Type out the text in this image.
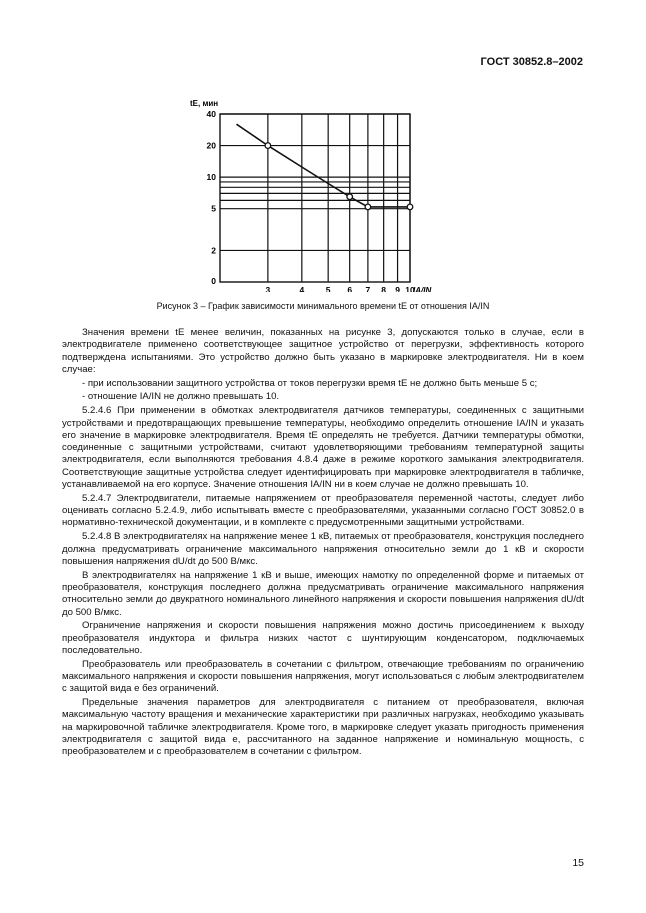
ГОСТ 30852.8–2002
3	4	5 6 7 8 9 10
40
20
10
5
2
0
tE, мин
IA/IN
Рисунок 3 – График зависимости минимального времени tE от отношения IA/IN

Значения времени tE менее величин, показанных на рисунке 3, допускаются только в случае, если в электродвигателе применено соответствующее защитное устройство от перегрузки, эффективность которого подтверждена испытаниями. Это устройство должно быть указано в маркировке электродвигателя. Ни в коем случае:

- при использовании защитного устройства от токов перегрузки время tE не должно быть меньше 5 с;

- отношение IA/IN не должно превышать 10.

5.2.4.6 При применении в обмотках электродвигателя датчиков температуры, соединенных с защитными устройствами и предотвращающих превышение температуры, необходимо определить отношение IA/IN и указать его значение в маркировке электродвигателя. Время tE определять не требуется. Датчики температуры обмотки, соединенные с защитными устройствами, считают удовлетворяющими требованиям температурной защиты электродвигателя, если выполняются требования 4.8.4 даже в режиме короткого замыкания электродвигателя. Соответствующие защитные устройства следует идентифицировать при маркировке электродвигателя в табличке, устанавливаемой на его корпусе. Значение отношения IA/IN ни в коем случае не должно превышать 10.

5.2.4.7 Электродвигатели, питаемые напряжением от преобразователя переменной частоты, следует либо оценивать согласно 5.2.4.9, либо испытывать вместе с преобразователями, указанными согласно ГОСТ 30852.0 в нормативно-технической документации, и в комплекте с предусмотренными защитными устройствами.

5.2.4.8 В электродвигателях на напряжение менее 1 кВ, питаемых от преобразователя, конструкция последнего должна предусматривать ограничение максимального напряжения относительно земли до 1 кВ и скорости повышения напряжения dU/dt до 500 В/мкс.

В электродвигателях на напряжение 1 кВ и выше, имеющих намотку по определенной форме и питаемых от преобразователя, конструкция последнего должна предусматривать ограничение максимального напряжения относительно земли до двукратного номинального линейного напряжения и скорости повышения напряжения dU/dt до 500 В/мкс.

Ограничение напряжения и скорости повышения напряжения можно достичь присоединением к выходу преобразователя индуктора и фильтра низких частот с шунтирующим конденсатором, подключаемых последовательно.

Преобразователь или преобразователь в сочетании с фильтром, отвечающие требованиям по ограничению максимального напряжения и скорости повышения напряжения, могут использоваться с любым электродвигателем с защитой вида е без ограничений.

Предельные значения параметров для электродвигателя с питанием от преобразователя, включая максимальную частоту вращения и механические характеристики при различных нагрузках, необходимо указывать на маркировочной табличке электродвигателя. Кроме того, в маркировке следует указать пригодность применения электродвигателя с защитой вида е, рассчитанного на заданное напряжение и номинальную мощность, с преобразователем и с преобразователем в сочетании с фильтром.

15
